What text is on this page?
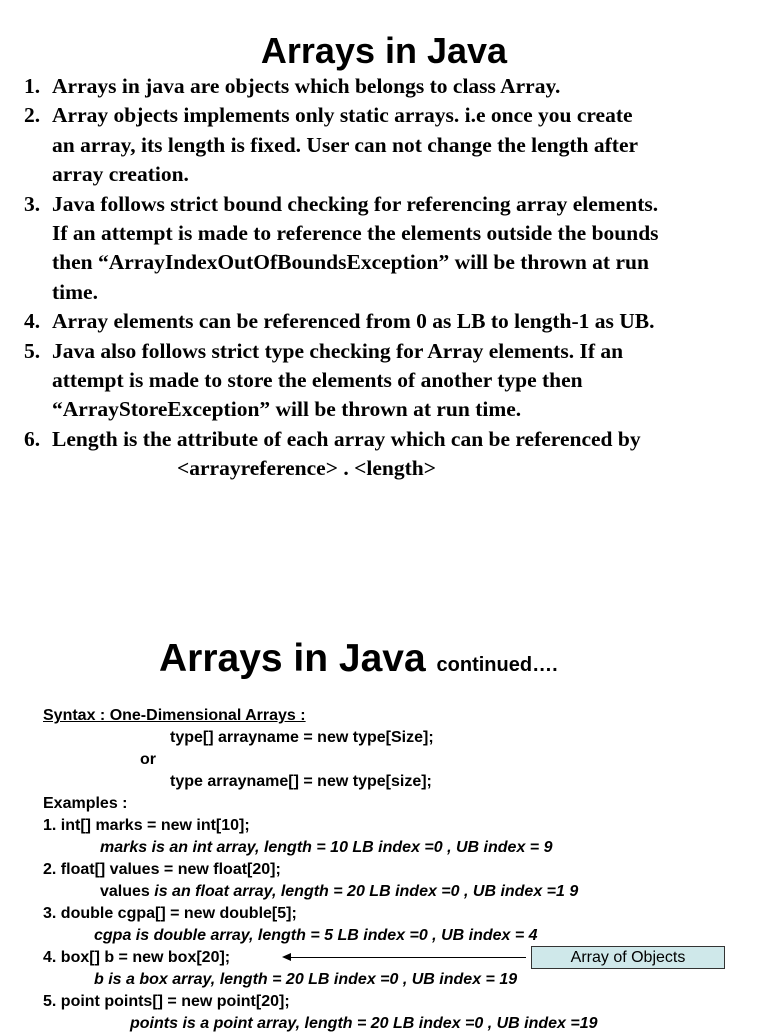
Arrays in Java
1. Arrays in java are objects which belongs to class Array.
2. Array objects implements only static arrays. i.e once you create
an array, its length is fixed. User can not change the length after
array creation.
3. Java follows strict bound checking for referencing array elements.
If an attempt is made to reference the elements outside the bounds
then “ArrayIndexOutOfBoundsException” will be thrown at run
time.
4. Array elements can be referenced from 0 as LB to length-1 as UB.
5. Java also follows strict type checking for Array elements. If an
attempt is made to store the elements of another type then
“ArrayStoreException” will be thrown at run time.
6. Length is the attribute of each array which can be referenced by
<arrayreference> . <length>
Arrays in Java continued….
Syntax : One-Dimensional Arrays :
type[] arrayname = new type[Size];
or
type arrayname[] = new type[size];
Examples :
1. int[] marks = new int[10];
marks is an int array, length = 10 LB index =0 , UB index = 9
2. float[] values = new float[20];
values is an float array, length = 20 LB index =0 , UB index =1 9
3. double cgpa[] = new double[5];
cgpa is double array, length = 5 LB index =0 , UB index = 4
4. box[] b = new box[20];
b is a box array, length = 20 LB index =0 , UB index = 19
5. point points[] = new point[20];
points is a point array, length = 20 LB index =0 , UB index =19
Array of Objects
